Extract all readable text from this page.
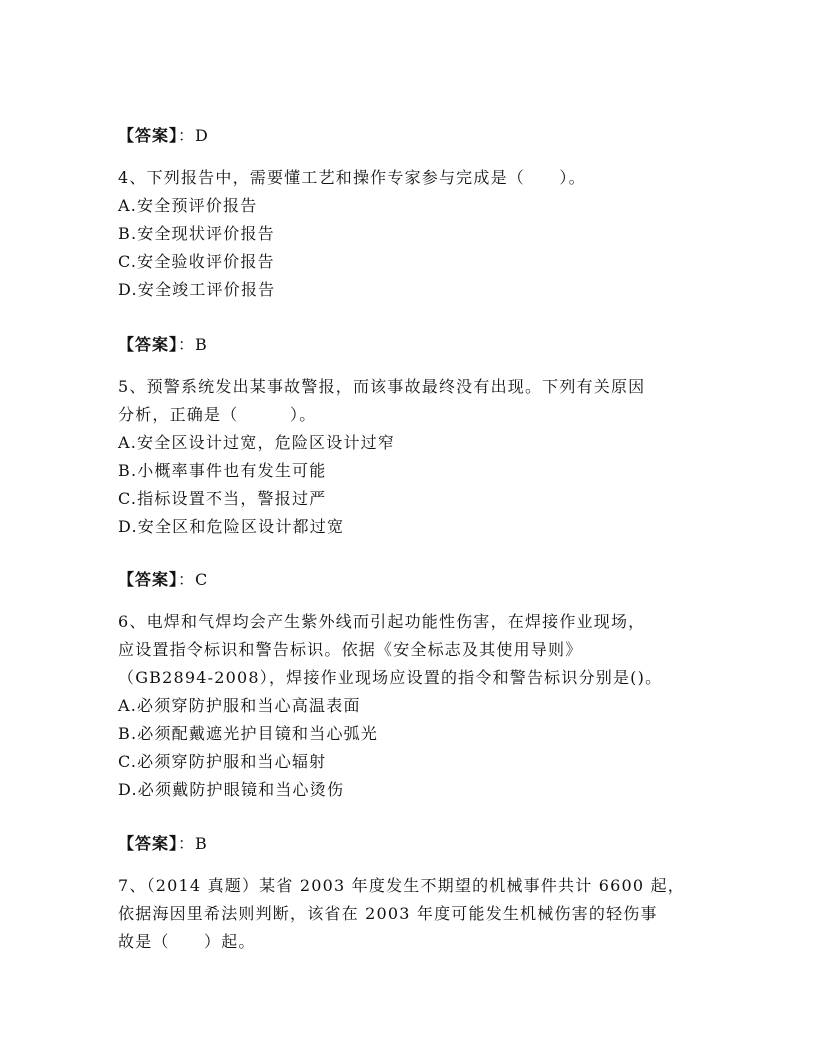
【答案】：D
4、下列报告中，需要懂工艺和操作专家参与完成是（　　）。
A.安全预评价报告
B.安全现状评价报告
C.安全验收评价报告
D.安全竣工评价报告
【答案】：B
5、预警系统发出某事故警报，而该事故最终没有出现。下列有关原因
分析，正确是（　　　）。
A.安全区设计过宽，危险区设计过窄
B.小概率事件也有发生可能
C.指标设置不当，警报过严
D.安全区和危险区设计都过宽
【答案】：C
6、电焊和气焊均会产生紫外线而引起功能性伤害，在焊接作业现场，
应设置指令标识和警告标识。依据《安全标志及其使用导则》
（GB2894-2008），焊接作业现场应设置的指令和警告标识分别是()。
A.必须穿防护服和当心高温表面
B.必须配戴遮光护目镜和当心弧光
C.必须穿防护服和当心辐射
D.必须戴防护眼镜和当心烫伤
【答案】：B
7、（2014 真题）某省 2003 年度发生不期望的机械事件共计 6600 起，
依据海因里希法则判断，该省在 2003 年度可能发生机械伤害的轻伤事
故是（　　）起。
